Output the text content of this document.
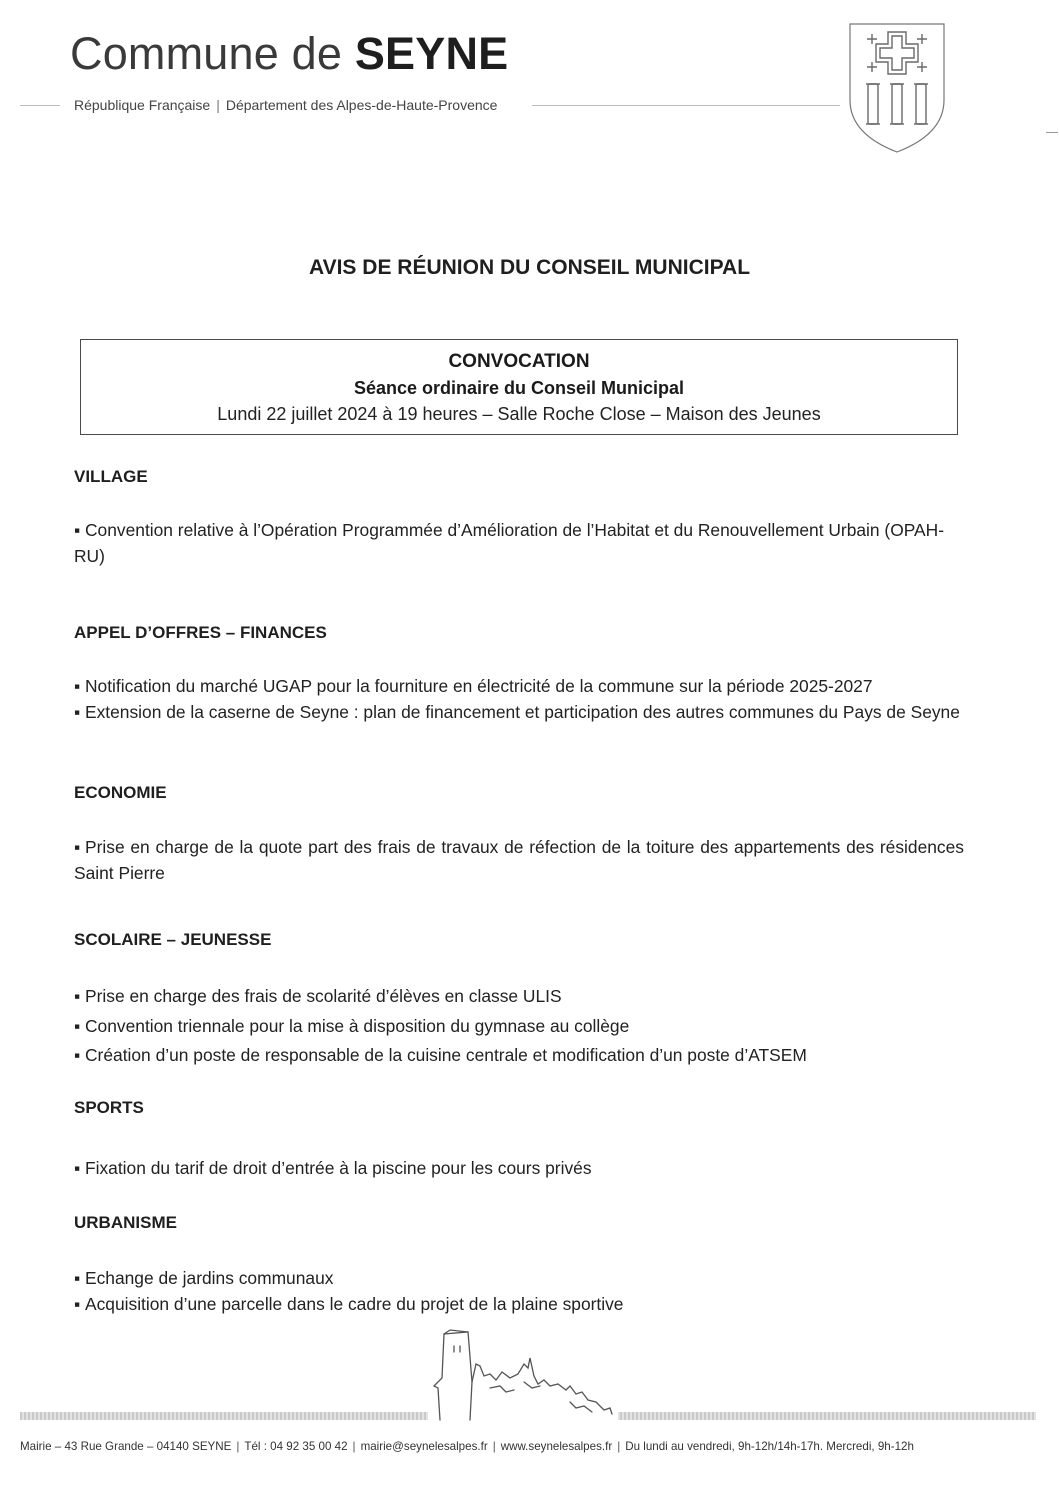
Commune de SEYNE
République Française | Département des Alpes-de-Haute-Provence
AVIS DE RÉUNION DU CONSEIL MUNICIPAL
CONVOCATION
Séance ordinaire du Conseil Municipal
Lundi 22 juillet 2024 à 19 heures – Salle Roche Close – Maison des Jeunes
VILLAGE
▪ Convention relative à l’Opération Programmée d’Amélioration de l’Habitat et du Renouvellement Urbain (OPAH-RU)
APPEL D’OFFRES – FINANCES
▪ Notification du marché UGAP pour la fourniture en électricité de la commune sur la période 2025-2027
▪ Extension de la caserne de Seyne : plan de financement et participation des autres communes du Pays de Seyne
ECONOMIE
▪ Prise en charge de la quote part des frais de travaux de réfection de la toiture des appartements des résidences Saint Pierre
SCOLAIRE – JEUNESSE
▪ Prise en charge des frais de scolarité d’élèves en classe ULIS
▪ Convention triennale pour la mise à disposition du gymnase au collège
▪ Création d’un poste de responsable de la cuisine centrale et modification d’un poste d’ATSEM
SPORTS
▪ Fixation du tarif de droit d’entrée à la piscine pour les cours privés
URBANISME
▪ Echange de jardins communaux
▪ Acquisition d’une parcelle dans le cadre du projet de la plaine sportive
Mairie – 43 Rue Grande – 04140 SEYNE | Tél : 04 92 35 00 42 | mairie@seynelesalpes.fr | www.seynelesalpes.fr | Du lundi au vendredi, 9h-12h/14h-17h. Mercredi, 9h-12h
